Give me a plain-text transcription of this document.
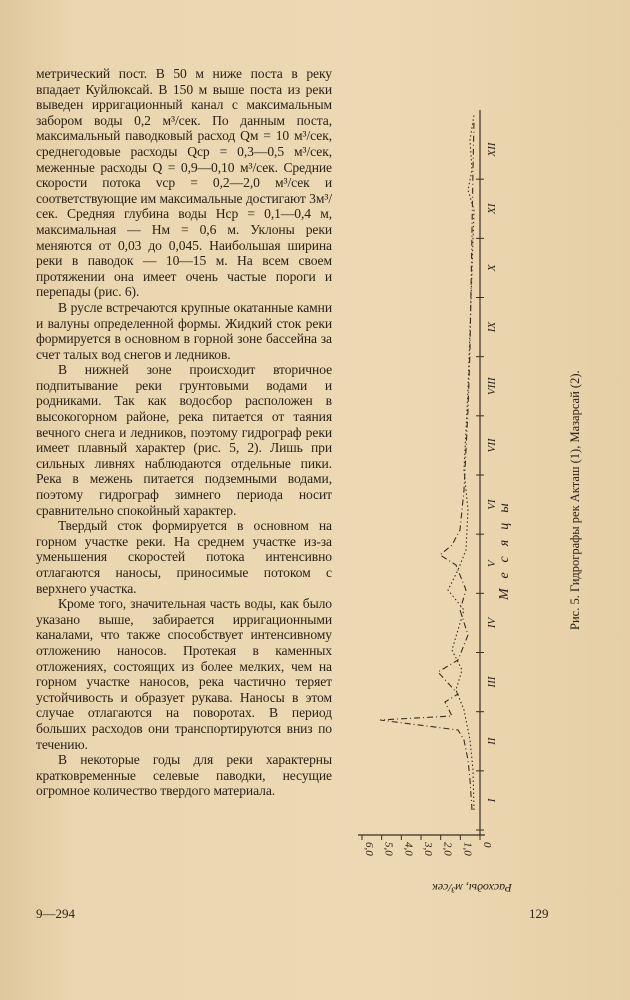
метрический пост. В 50 м ниже поста в реку впадает Куйлюксай. В 150 м выше поста из реки выведен ирригационный канал с максимальным забором воды 0,2 м³/сек. По данным поста, максимальный паводковый расход Qм = 10 м³/сек, среднегодовые расходы Qср = 0,3—0,5 м³/сек, меженные расходы Q = 0,9—0,10 м³/сек. Средние скорости потока vср = 0,2—2,0 м³/сек и соответствующие им максимальные достигают 3м³/сек. Средняя глубина воды Нср = 0,1—0,4 м, максимальная — Нм = 0,6 м. Уклоны реки меняются от 0,03 до 0,045. Наибольшая ширина реки в паводок — 10—15 м. На всем своем протяжении она имеет очень частые пороги и перепады (рис. 6).

В русле встречаются крупные окатанные камни и валуны определенной формы. Жидкий сток реки формируется в основном в горной зоне бассейна за счет талых вод снегов и ледников.

В нижней зоне происходит вторичное подпитывание реки грунтовыми водами и родниками. Так как водосбор расположен в высокогорном районе, река питается от таяния вечного снега и ледников, поэтому гидрограф реки имеет плавный характер (рис. 5, 2). Лишь при сильных ливнях наблюдаются отдельные пики. Река в межень питается подземными водами, поэтому гидрограф зимнего периода носит сравнительно спокойный характер.

Твердый сток формируется в основном на горном участке реки. На среднем участке из-за уменьшения скоростей потока интенсивно отлагаются наносы, приносимые потоком с верхнего участка.

Кроме того, значительная часть воды, как было указано выше, забирается ирригационными каналами, что также способствует интенсивному отложению наносов. Протекая в каменных отложениях, состоящих из более мелких, чем на горном участке наносов, река частично теряет устойчивость и образует рукава. Наносы в этом случае отлагаются на поворотах. В период больших расходов они транспортируются вниз по течению.

В некоторые годы для реки характерны кратковременные селевые паводки, несущие огромное количество твердого материала.

6,0 5,0 4,0 3,0 2,0 1,0 0
I
II
III
IV
V
VI
VII
VIII
IX
X
XI
XII
Расходы, м³/сек
Месяцы	Рис. 5. Гидрографы рек Акташ (1), Мазарсай (2).
9—294	129
